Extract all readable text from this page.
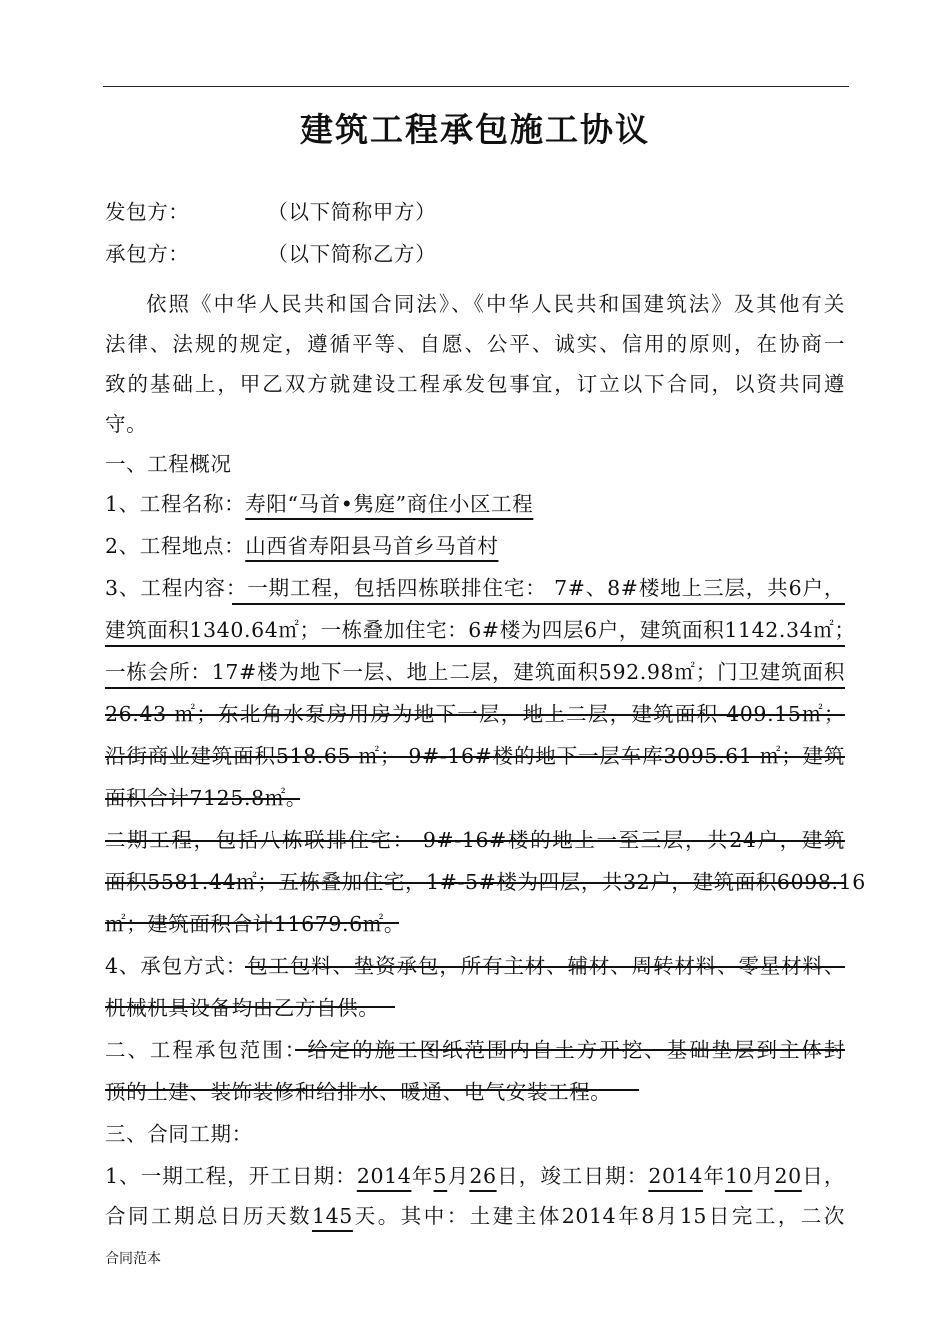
建筑工程承包施工协议
发包方：	（以下简称甲方）
承包方：	（以下简称乙方）
依照《中华人民共和国合同法》、《中华人民共和国建筑法》及其他有关
法律、法规的规定，遵循平等、自愿、公平、诚实、信用的原则，在协商一
致的基础上，甲乙双方就建设工程承发包事宜，订立以下合同，以资共同遵
守。
一、工程概况
1、工程名称：寿阳“马首•隽庭”商住小区工程
2、工程地点：山西省寿阳县马首乡马首村
3、工程内容：一期工程，包括四栋联排住宅： 7#、8#楼地上三层，共6户，
建筑面积1340.64㎡；一栋叠加住宅：6#楼为四层6户，建筑面积1142.34㎡；
一栋会所：17#楼为地下一层、地上二层，建筑面积592.98㎡；门卫建筑面积
26.43 ㎡；东北角水泵房用房为地下一层，地上二层，建筑面积 409.15㎡；
沿街商业建筑面积518.65 ㎡； 9#-16#楼的地下一层车库3095.61 ㎡；建筑
面积合计7125.8㎡。
二期工程，包括八栋联排住宅： 9#-16#楼的地上一至三层，共24户，建筑
面积5581.44㎡；五栋叠加住宅，1#-5#楼为四层，共32户，建筑面积6098.16
㎡；建筑面积合计11679.6㎡。
4、承包方式：包工包料、垫资承包，所有主材、辅材、周转材料、零星材料、
机械机具设备均由乙方自供。
二、工程承包范围：给定的施工图纸范围内自土方开挖、基础垫层到主体封
顶的土建、装饰装修和给排水、暖通、电气安装工程。
三、合同工期：
1、一期工程，开工日期：2014年5月26日，竣工日期：2014年10月20日，
合同工期总日历天数145天。其中：土建主体2014年8月15日完工，二次
合同范本
